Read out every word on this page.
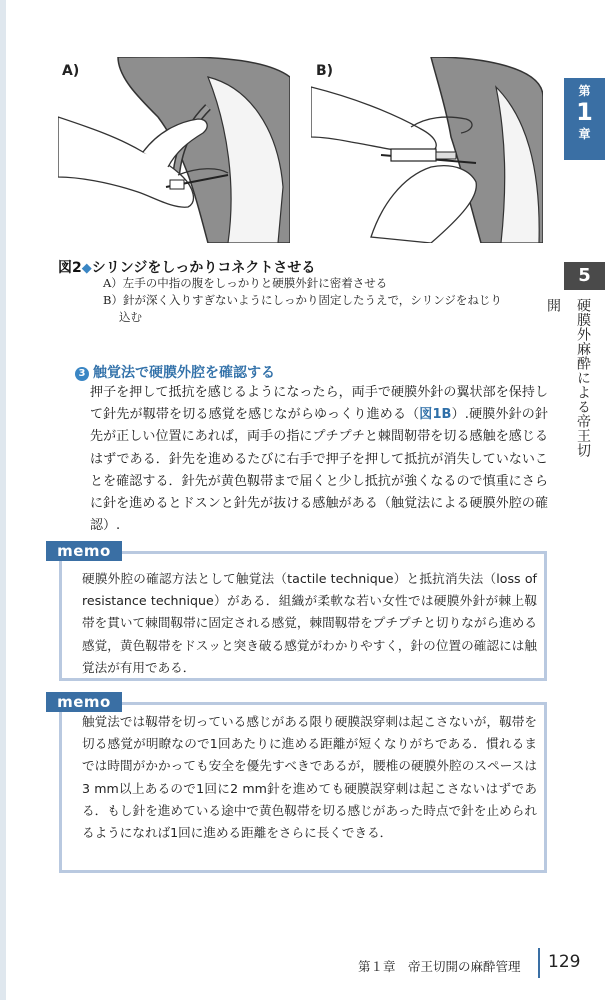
A)	B)
図2◆シリンジをしっかりコネクトさせる
A）左手の中指の腹をしっかりと硬膜外針に密着させる
B）針が深く入りすぎないようにしっかり固定したうえで，シリンジをねじり
込む
3 触覚法で硬膜外腔を確認する
押子を押して抵抗を感じるようになったら，両手で硬膜外針の翼状部を保持して針先が靱帯を切る感覚を感じながらゆっくり進める（図1B）.硬膜外針の針先が正しい位置にあれば，両手の指にプチプチと棘間靭帯を切る感触を感じるはずである．針先を進めるたびに右手で押子を押して抵抗が消失していないことを確認する．針先が黄色靱帯まで届くと少し抵抗が強くなるので慎重にさらに針を進めるとドスンと針先が抜ける感触がある（触覚法による硬膜外腔の確認）.
memo
硬膜外腔の確認方法として触覚法（tactile technique）と抵抗消失法（loss of resistance technique）がある．組織が柔軟な若い女性では硬膜外針が棘上靱帯を貫いて棘間靱帯に固定される感覚，棘間靱帯をプチプチと切りながら進める感覚，黄色靱帯をドスッと突き破る感覚がわかりやすく，針の位置の確認には触覚法が有用である．
memo
触覚法では靱帯を切っている感じがある限り硬膜誤穿刺は起こさないが，靱帯を切る感覚が明瞭なので1回あたりに進める距離が短くなりがちである．慣れるまでは時間がかかっても安全を優先すべきであるが，腰椎の硬膜外腔のスペースは3 mm以上あるので1回に2 mm針を進めても硬膜誤穿刺は起こさないはずである．もし針を進めている途中で黄色靱帯を切る感じがあった時点で針を止められるようになれば1回に進める距離をさらに長くできる．
第
1
章
5
硬膜外麻酔による帝王切開
第１章　帝王切開の麻酔管理 129
